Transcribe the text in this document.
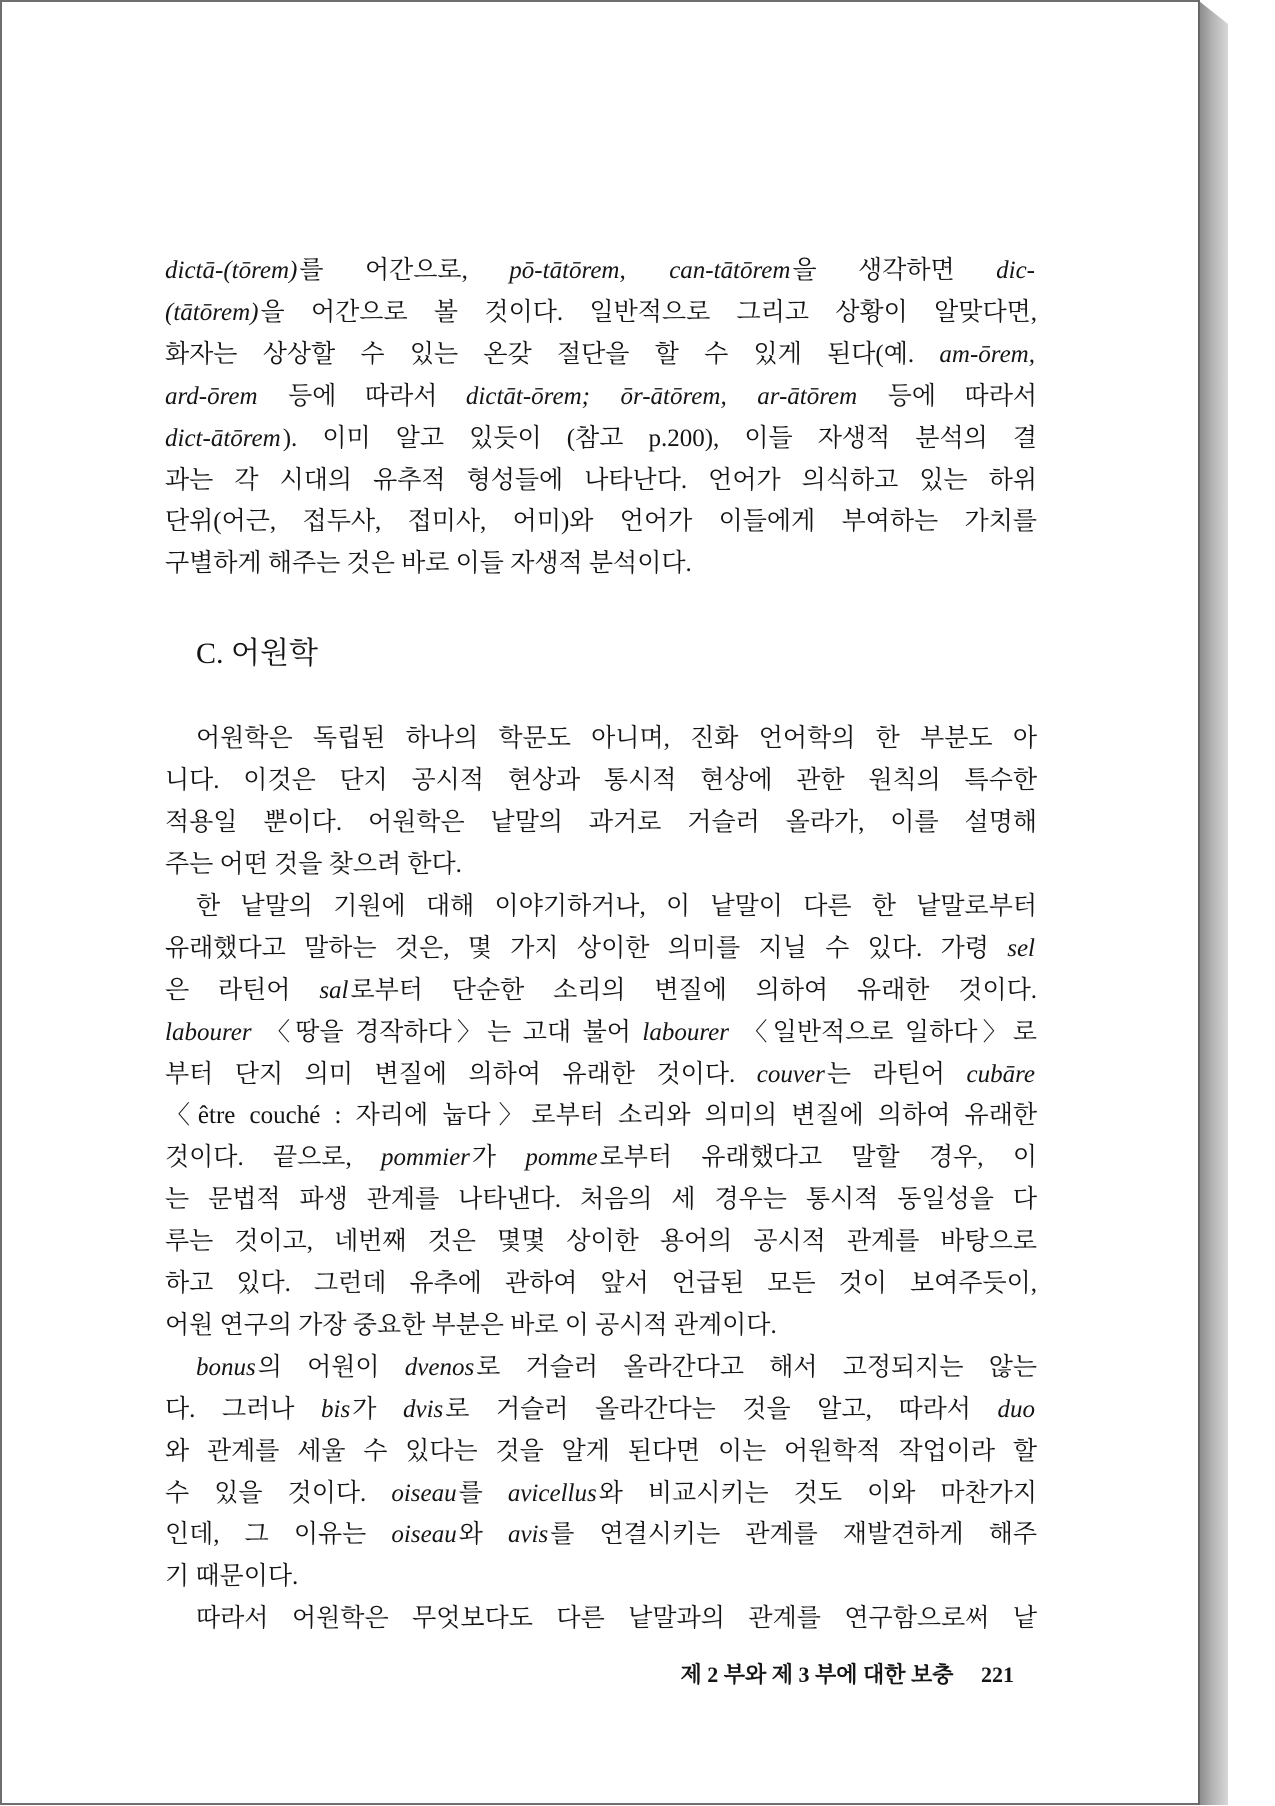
dictā-(tōrem)를 어간으로, pō-tātōrem, can-tātōrem을 생각하면 dic-
(tātōrem)을 어간으로 볼 것이다. 일반적으로 그리고 상황이 알맞다면,
화자는 상상할 수 있는 온갖 절단을 할 수 있게 된다(예. am-ōrem,
ard-ōrem 등에 따라서 dictāt-ōrem; ōr-ātōrem, ar-ātōrem 등에 따라서
dict-ātōrem). 이미 알고 있듯이 (참고 p.200), 이들 자생적 분석의 결
과는 각 시대의 유추적 형성들에 나타난다. 언어가 의식하고 있는 하위
단위(어근, 접두사, 접미사, 어미)와 언어가 이들에게 부여하는 가치를
구별하게 해주는 것은 바로 이들 자생적 분석이다.
C. 어원학
어원학은 독립된 하나의 학문도 아니며, 진화 언어학의 한 부분도 아
니다. 이것은 단지 공시적 현상과 통시적 현상에 관한 원칙의 특수한
적용일 뿐이다. 어원학은 낱말의 과거로 거슬러 올라가, 이를 설명해
주는 어떤 것을 찾으려 한다.
한 낱말의 기원에 대해 이야기하거나, 이 낱말이 다른 한 낱말로부터
유래했다고 말하는 것은, 몇 가지 상이한 의미를 지닐 수 있다. 가령 sel
은 라틴어 sal로부터 단순한 소리의 변질에 의하여 유래한 것이다.
labourer 〈땅을 경작하다〉는 고대 불어 labourer 〈일반적으로 일하다〉로
부터 단지 의미 변질에 의하여 유래한 것이다. couver는 라틴어 cubāre
〈être couché : 자리에 눕다〉로부터 소리와 의미의 변질에 의하여 유래한
것이다. 끝으로, pommier가 pomme로부터 유래했다고 말할 경우, 이
는 문법적 파생 관계를 나타낸다. 처음의 세 경우는 통시적 동일성을 다
루는 것이고, 네번째 것은 몇몇 상이한 용어의 공시적 관계를 바탕으로
하고 있다. 그런데 유추에 관하여 앞서 언급된 모든 것이 보여주듯이,
어원 연구의 가장 중요한 부분은 바로 이 공시적 관계이다.
bonus의 어원이 dvenos로 거슬러 올라간다고 해서 고정되지는 않는
다. 그러나 bis가 dvis로 거슬러 올라간다는 것을 알고, 따라서 duo
와 관계를 세울 수 있다는 것을 알게 된다면 이는 어원학적 작업이라 할
수 있을 것이다. oiseau를 avicellus와 비교시키는 것도 이와 마찬가지
인데, 그 이유는 oiseau와 avis를 연결시키는 관계를 재발견하게 해주
기 때문이다.
따라서 어원학은 무엇보다도 다른 낱말과의 관계를 연구함으로써 낱
제 2 부와 제 3 부에 대한 보충 221
